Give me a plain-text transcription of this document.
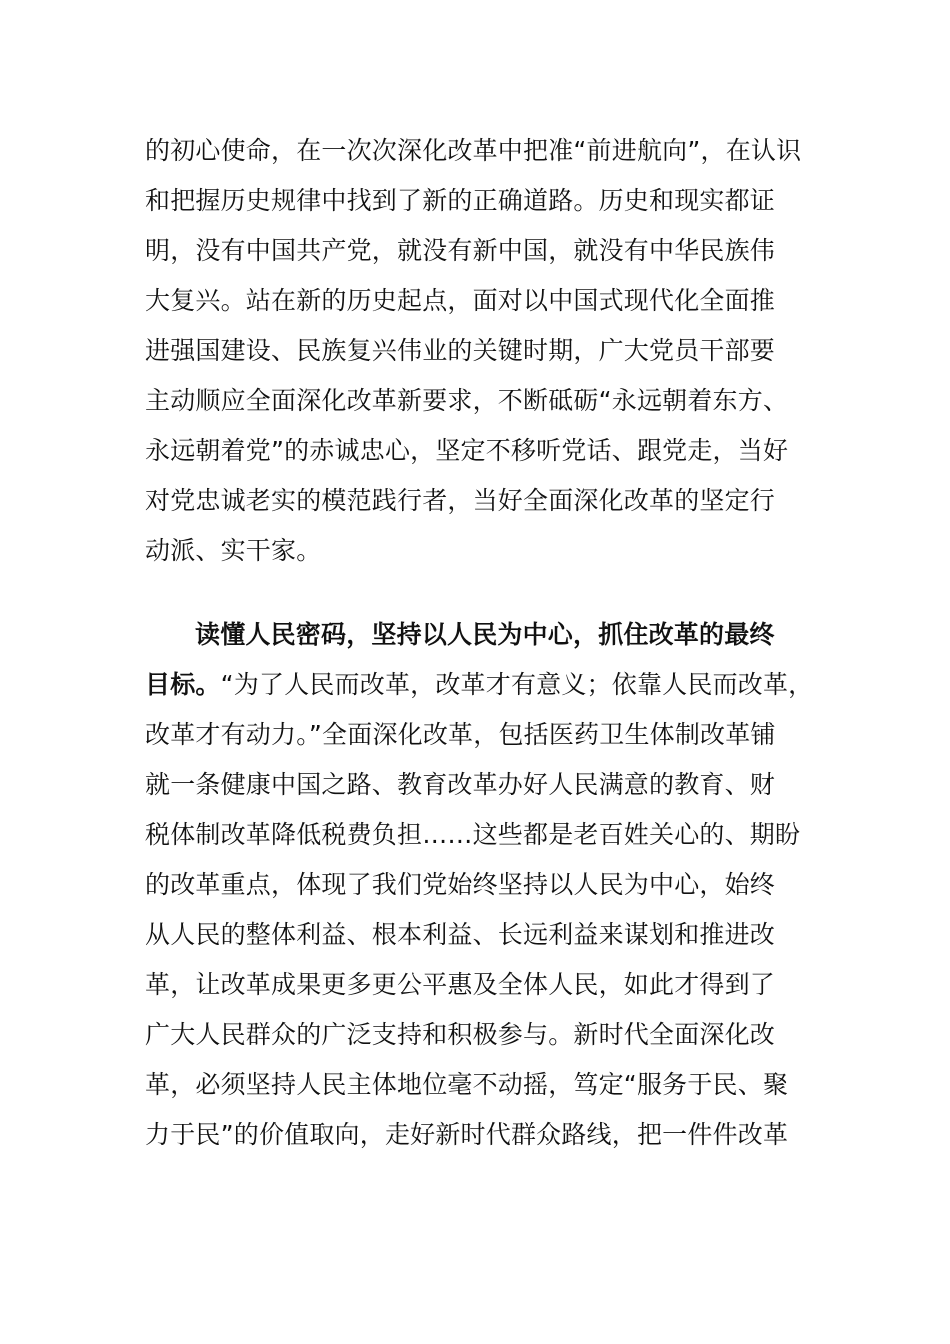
的初心使命，在一次次深化改革中把准“前进航向”，在认识
和把握历史规律中找到了新的正确道路。历史和现实都证
明，没有中国共产党，就没有新中国，就没有中华民族伟
大复兴。站在新的历史起点，面对以中国式现代化全面推
进强国建设、民族复兴伟业的关键时期，广大党员干部要
主动顺应全面深化改革新要求，不断砥砺“永远朝着东方、
永远朝着党”的赤诚忠心，坚定不移听党话、跟党走，当好
对党忠诚老实的模范践行者，当好全面深化改革的坚定行
动派、实干家。
读懂人民密码，坚持以人民为中心，抓住改革的最终
目标。“为了人民而改革，改革才有意义；依靠人民而改革，
改革才有动力。”全面深化改革，包括医药卫生体制改革铺
就一条健康中国之路、教育改革办好人民满意的教育、财
税体制改革降低税费负担……这些都是老百姓关心的、期盼
的改革重点，体现了我们党始终坚持以人民为中心，始终
从人民的整体利益、根本利益、长远利益来谋划和推进改
革，让改革成果更多更公平惠及全体人民，如此才得到了
广大人民群众的广泛支持和积极参与。新时代全面深化改
革，必须坚持人民主体地位毫不动摇，笃定“服务于民、聚
力于民”的价值取向，走好新时代群众路线，把一件件改革
